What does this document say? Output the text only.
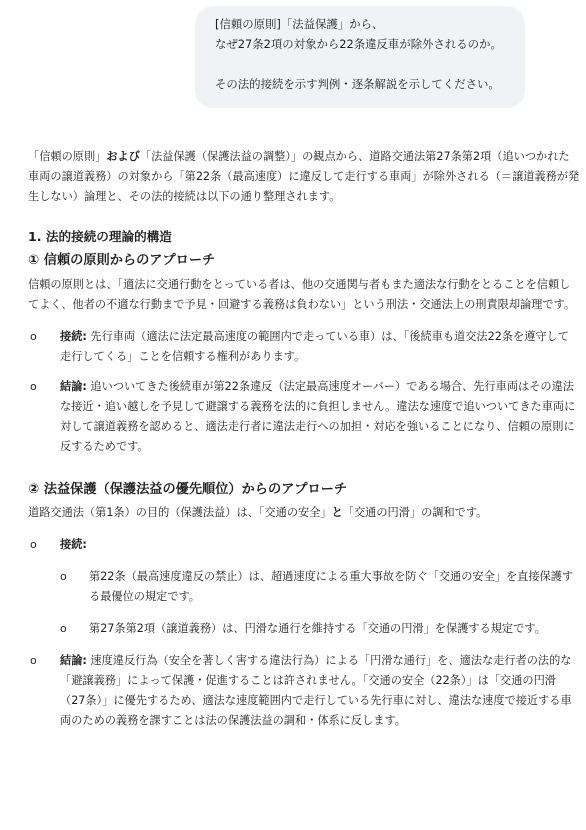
[信頼の原則]「法益保護」から、

なぜ27条2項の対象から22条違反車が除外されるのか。

その法的接続を示す判例・逐条解説を示してください。

「信頼の原則」および「法益保護（保護法益の調整）」の観点から、道路交通法第27条第2項（追いつかれた車両の譲道義務）の対象から「第22条（最高速度）に違反して走行する車両」が除外される（＝譲道義務が発生しない）論理と、その法的接続は以下の通り整理されます。

1. 法的接続の理論的構造
① 信頼の原則からのアプローチ

信頼の原則とは、「適法に交通行動をとっている者は、他の交通関与者もまた適法な行動をとることを信頼してよく、他者の不適な行動まで予見・回避する義務は負わない」という刑法・交通法上の刑責限却論理です。

o 接続: 先行車両（適法に法定最高速度の範囲内で走っている車）は、「後続車も道交法22条を遵守して走行してくる」ことを信頼する権利があります。
o 結論: 追いついてきた後続車が第22条違反（法定最高速度オーバー）である場合、先行車両はその違法な接近・追い越しを予見して避譲する義務を法的に負担しません。違法な速度で追いついてきた車両に対して譲道義務を認めると、適法走行者に違法走行への加担・対応を強いることになり、信頼の原則に反するためです。
② 法益保護（保護法益の優先順位）からのアプローチ

道路交通法（第1条）の目的（保護法益）は、「交通の安全」と「交通の円滑」の調和です。

o 接続:
o 第22条（最高速度違反の禁止）は、超過速度による重大事故を防ぐ「交通の安全」を直接保護する最優位の規定です。
o 第27条第2項（譲道義務）は、円滑な通行を維持する「交通の円滑」を保護する規定です。
o 結論: 速度違反行為（安全を著しく害する違法行為）による「円滑な通行」を、適法な走行者の法的な「避譲義務」によって保護・促進することは許されません。「交通の安全（22条）」は「交通の円滑（27条）」に優先するため、適法な速度範囲内で走行している先行車に対し、違法な速度で接近する車両のための義務を課すことは法の保護法益の調和・体系に反します。
